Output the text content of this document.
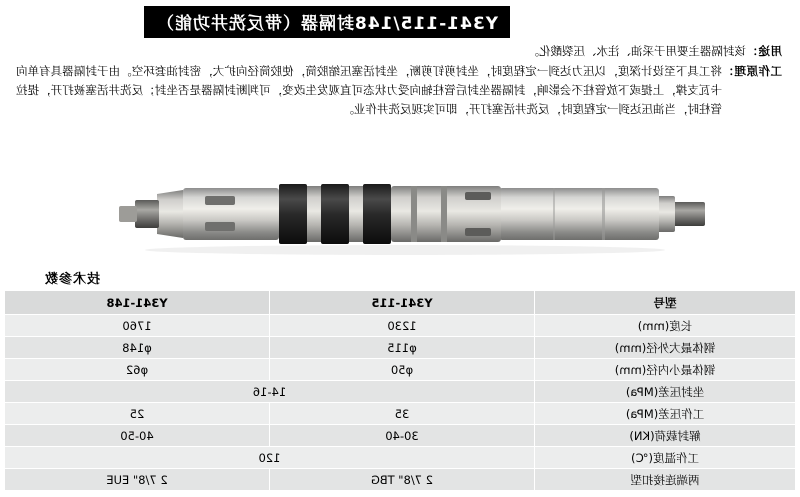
Y341-115/148封隔器（带反洗井功能）
用途：
该封隔器主要用于采油、注水、压裂酸化。
工作原理：
将工具下至设计深度，以压力达到一定程度时，坐封剪钉剪断，坐封活塞压缩胶筒，使胶筒径向扩大，密封油套环空。由于封隔器具有单向卡瓦支撑，上提或下放管柱不会影响，封隔器坐封后管柱轴向受力状态可直观发生改变，可判断封隔器是否坐封；反洗井活塞被打开，提拉管柱时，当油压达到一定程度时，反洗井活塞打开，即可实现反洗井作业。
技术参数
型号	Y341-115	Y341-148
长度(mm)	1230	1760
钢体最大外径(mm)	φ115	φ148
钢体最小内径(mm)	φ50	φ62
坐封压差(MPa)	14-16	
工作压差(MPa)	35	25
解封载荷(KN)	30-40	40-50
工作温度(℃)	120	
两端连接扣型	2 7/8" TBG	2 7/8" EUE
